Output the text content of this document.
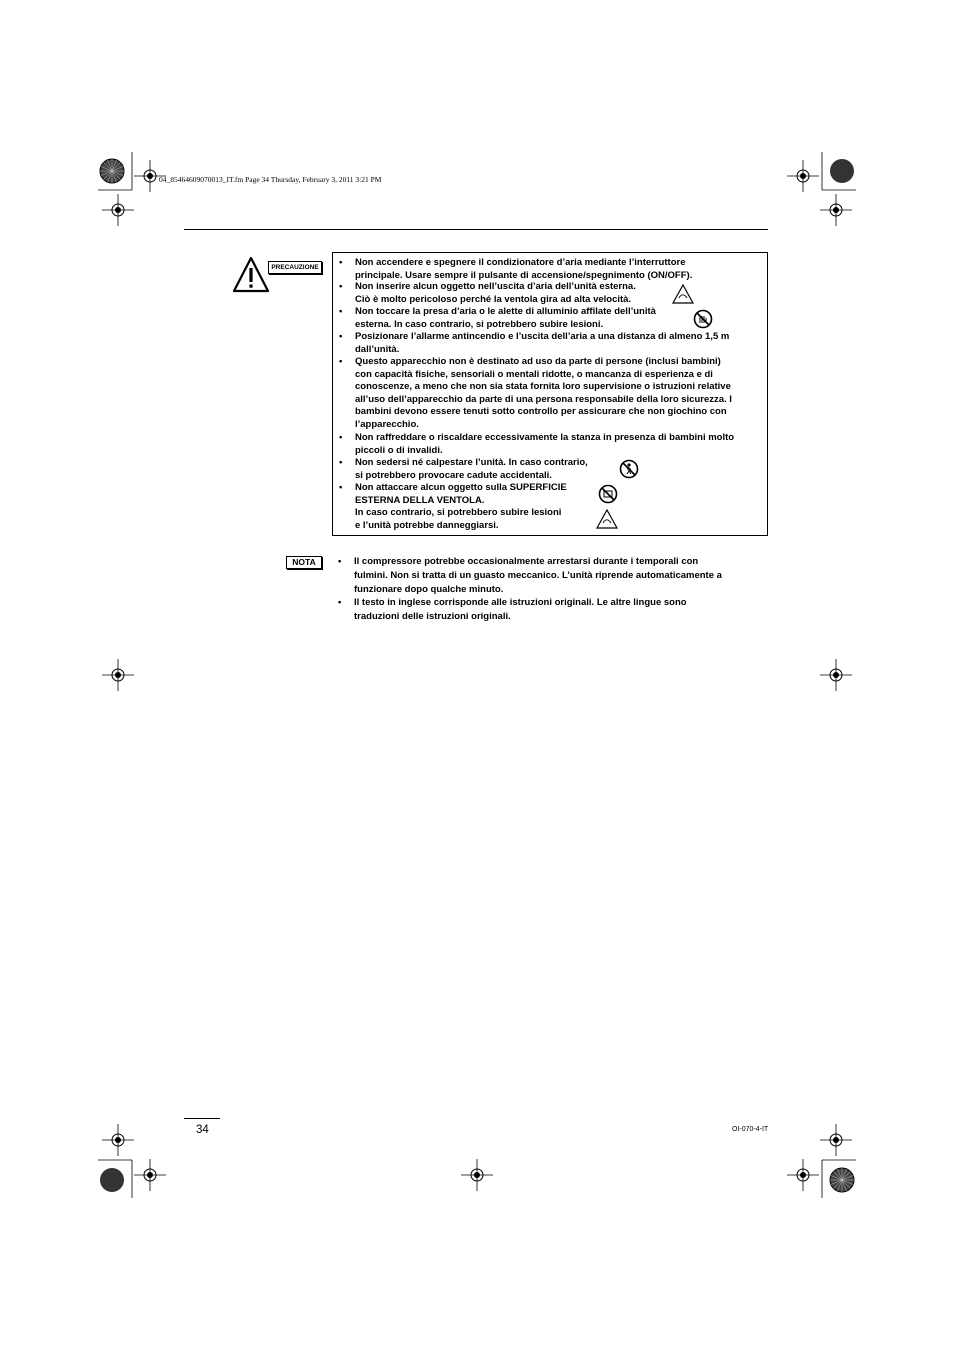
04_85464609070013_IT.fm Page 34 Thursday, February 3, 2011 3:21 PM
PRECAUZIONE	• Non accendere e spegnere il condizionatore d’aria mediante l’interruttore
principale. Usare sempre il pulsante di accensione/spegnimento (ON/OFF).
• Non inserire alcun oggetto nell’uscita d’aria dell’unità esterna.
Ciò è molto pericoloso perché la ventola gira ad alta velocità.
• Non toccare la presa d’aria o le alette di alluminio affilate dell’unità
esterna. In caso contrario, si potrebbero subire lesioni.
• Posizionare l’allarme antincendio e l’uscita dell’aria a una distanza di almeno 1,5 m
dall’unità.
• Questo apparecchio non è destinato ad uso da parte di persone (inclusi bambini)
con capacità fisiche, sensoriali o mentali ridotte, o mancanza di esperienza e di
conoscenze, a meno che non sia stata fornita loro supervisione o istruzioni relative
all’uso dell’apparecchio da parte di una persona responsabile della loro sicurezza. I
bambini devono essere tenuti sotto controllo per assicurare che non giochino con
l’apparecchio.
• Non raffreddare o riscaldare eccessivamente la stanza in presenza di bambini molto
piccoli o di invalidi.
• Non sedersi né calpestare l’unità. In caso contrario,
si potrebbero provocare cadute accidentali.
• Non attaccare alcun oggetto sulla SUPERFICIE
ESTERNA DELLA VENTOLA.
In caso contrario, si potrebbero subire lesioni
e l’unità potrebbe danneggiarsi.
NOTA	• Il compressore potrebbe occasionalmente arrestarsi durante i temporali con
fulmini. Non si tratta di un guasto meccanico. L’unità riprende automaticamente a
funzionare dopo qualche minuto.
• Il testo in inglese corrisponde alle istruzioni originali. Le altre lingue sono
traduzioni delle istruzioni originali.
34	OI-070-4-IT
